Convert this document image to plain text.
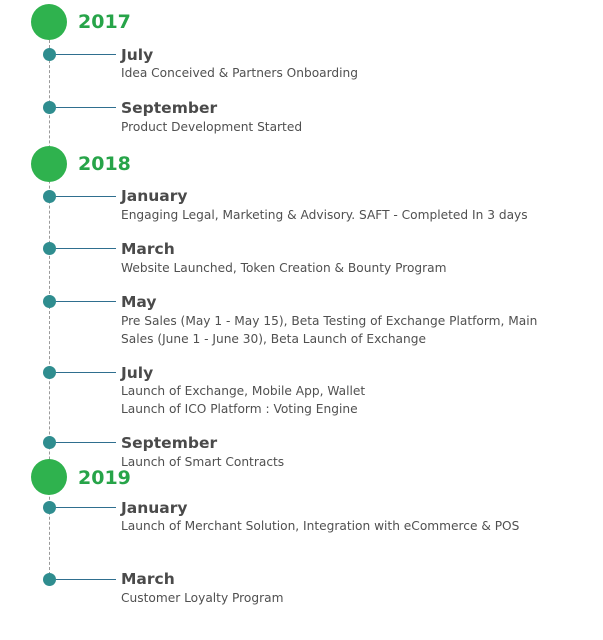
2017
July
Idea Conceived & Partners Onboarding
September
Product Development Started
2018
January
Engaging Legal, Marketing & Advisory. SAFT - Completed In 3 days
March
Website Launched, Token Creation & Bounty Program
May
Pre Sales (May 1 - May 15), Beta Testing of Exchange Platform, Main
Sales (June 1 - June 30), Beta Launch of Exchange
July
Launch of Exchange, Mobile App, Wallet
Launch of ICO Platform : Voting Engine
September
Launch of Smart Contracts
2019
January
Launch of Merchant Solution, Integration with eCommerce & POS
March
Customer Loyalty Program
